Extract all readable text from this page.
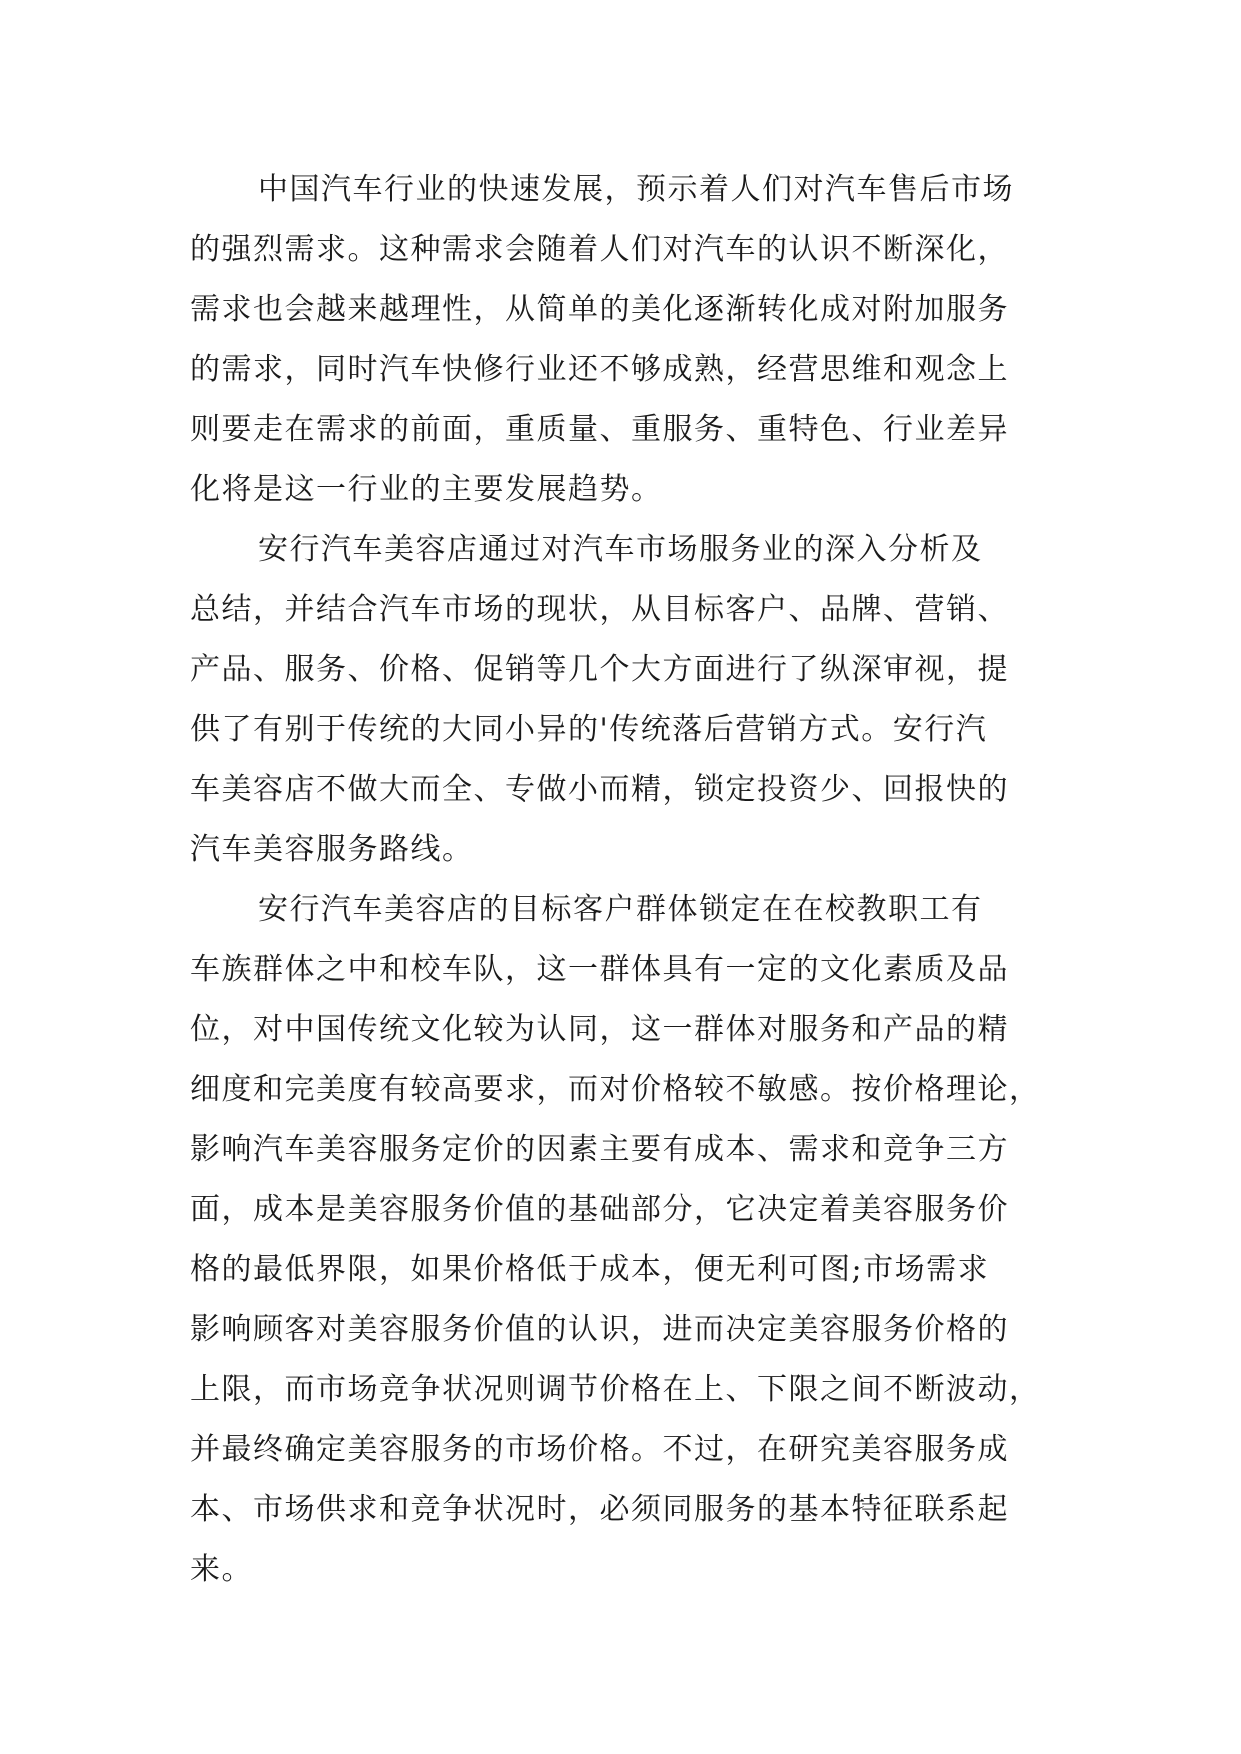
中国汽车行业的快速发展，预示着人们对汽车售后市场
的强烈需求。这种需求会随着人们对汽车的认识不断深化，
需求也会越来越理性，从简单的美化逐渐转化成对附加服务
的需求，同时汽车快修行业还不够成熟，经营思维和观念上
则要走在需求的前面，重质量、重服务、重特色、行业差异
化将是这一行业的主要发展趋势。
安行汽车美容店通过对汽车市场服务业的深入分析及
总结，并结合汽车市场的现状，从目标客户、品牌、营销、
产品、服务、价格、促销等几个大方面进行了纵深审视，提
供了有别于传统的大同小异的'传统落后营销方式。安行汽
车美容店不做大而全、专做小而精，锁定投资少、回报快的
汽车美容服务路线。
安行汽车美容店的目标客户群体锁定在在校教职工有
车族群体之中和校车队，这一群体具有一定的文化素质及品
位，对中国传统文化较为认同，这一群体对服务和产品的精
细度和完美度有较高要求，而对价格较不敏感。按价格理论，
影响汽车美容服务定价的因素主要有成本、需求和竞争三方
面，成本是美容服务价值的基础部分，它决定着美容服务价
格的最低界限，如果价格低于成本，便无利可图;市场需求
影响顾客对美容服务价值的认识，进而决定美容服务价格的
上限，而市场竞争状况则调节价格在上、下限之间不断波动，
并最终确定美容服务的市场价格。不过，在研究美容服务成
本、市场供求和竞争状况时，必须同服务的基本特征联系起
来。
